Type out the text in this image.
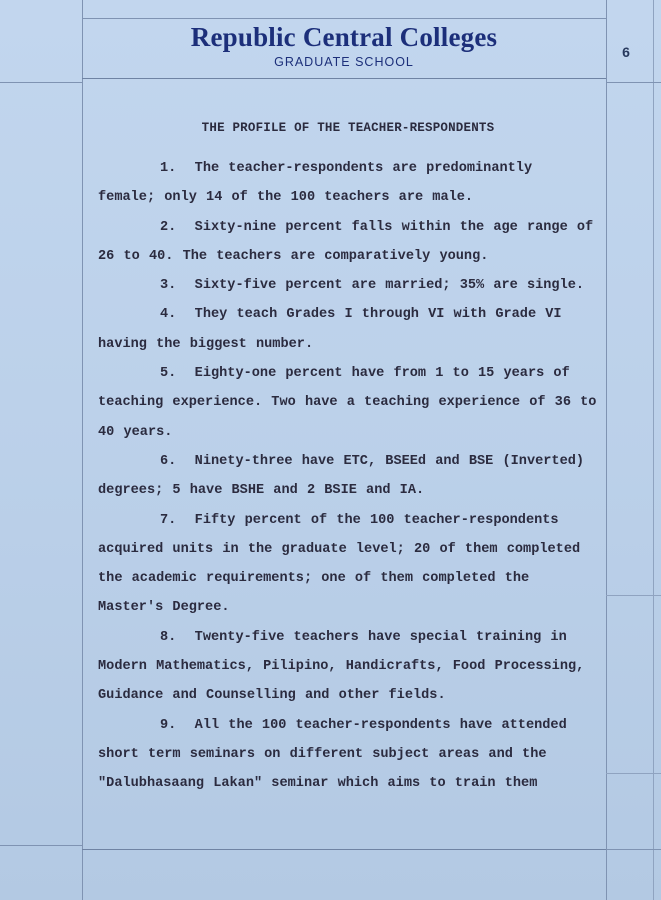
Republic Central Colleges
GRADUATE SCHOOL
6
THE PROFILE OF THE TEACHER-RESPONDENTS

1. The teacher-respondents are predominantly female; only 14 of the 100 teachers are male.

2. Sixty-nine percent falls within the age range of 26 to 40. The teachers are comparatively young.

3. Sixty-five percent are married; 35% are single.

4. They teach Grades I through VI with Grade VI having the biggest number.

5. Eighty-one percent have from 1 to 15 years of teaching experience. Two have a teaching experience of 36 to 40 years.

6. Ninety-three have ETC, BSEEd and BSE (Inverted) degrees; 5 have BSHE and 2 BSIE and IA.

7. Fifty percent of the 100 teacher-respondents acquired units in the graduate level; 20 of them completed the academic requirements; one of them completed the Master's Degree.

8. Twenty-five teachers have special training in Modern Mathematics, Pilipino, Handicrafts, Food Processing, Guidance and Counselling and other fields.

9. All the 100 teacher-respondents have attended short term seminars on different subject areas and the "Dalubhasaang Lakan" seminar which aims to train them
